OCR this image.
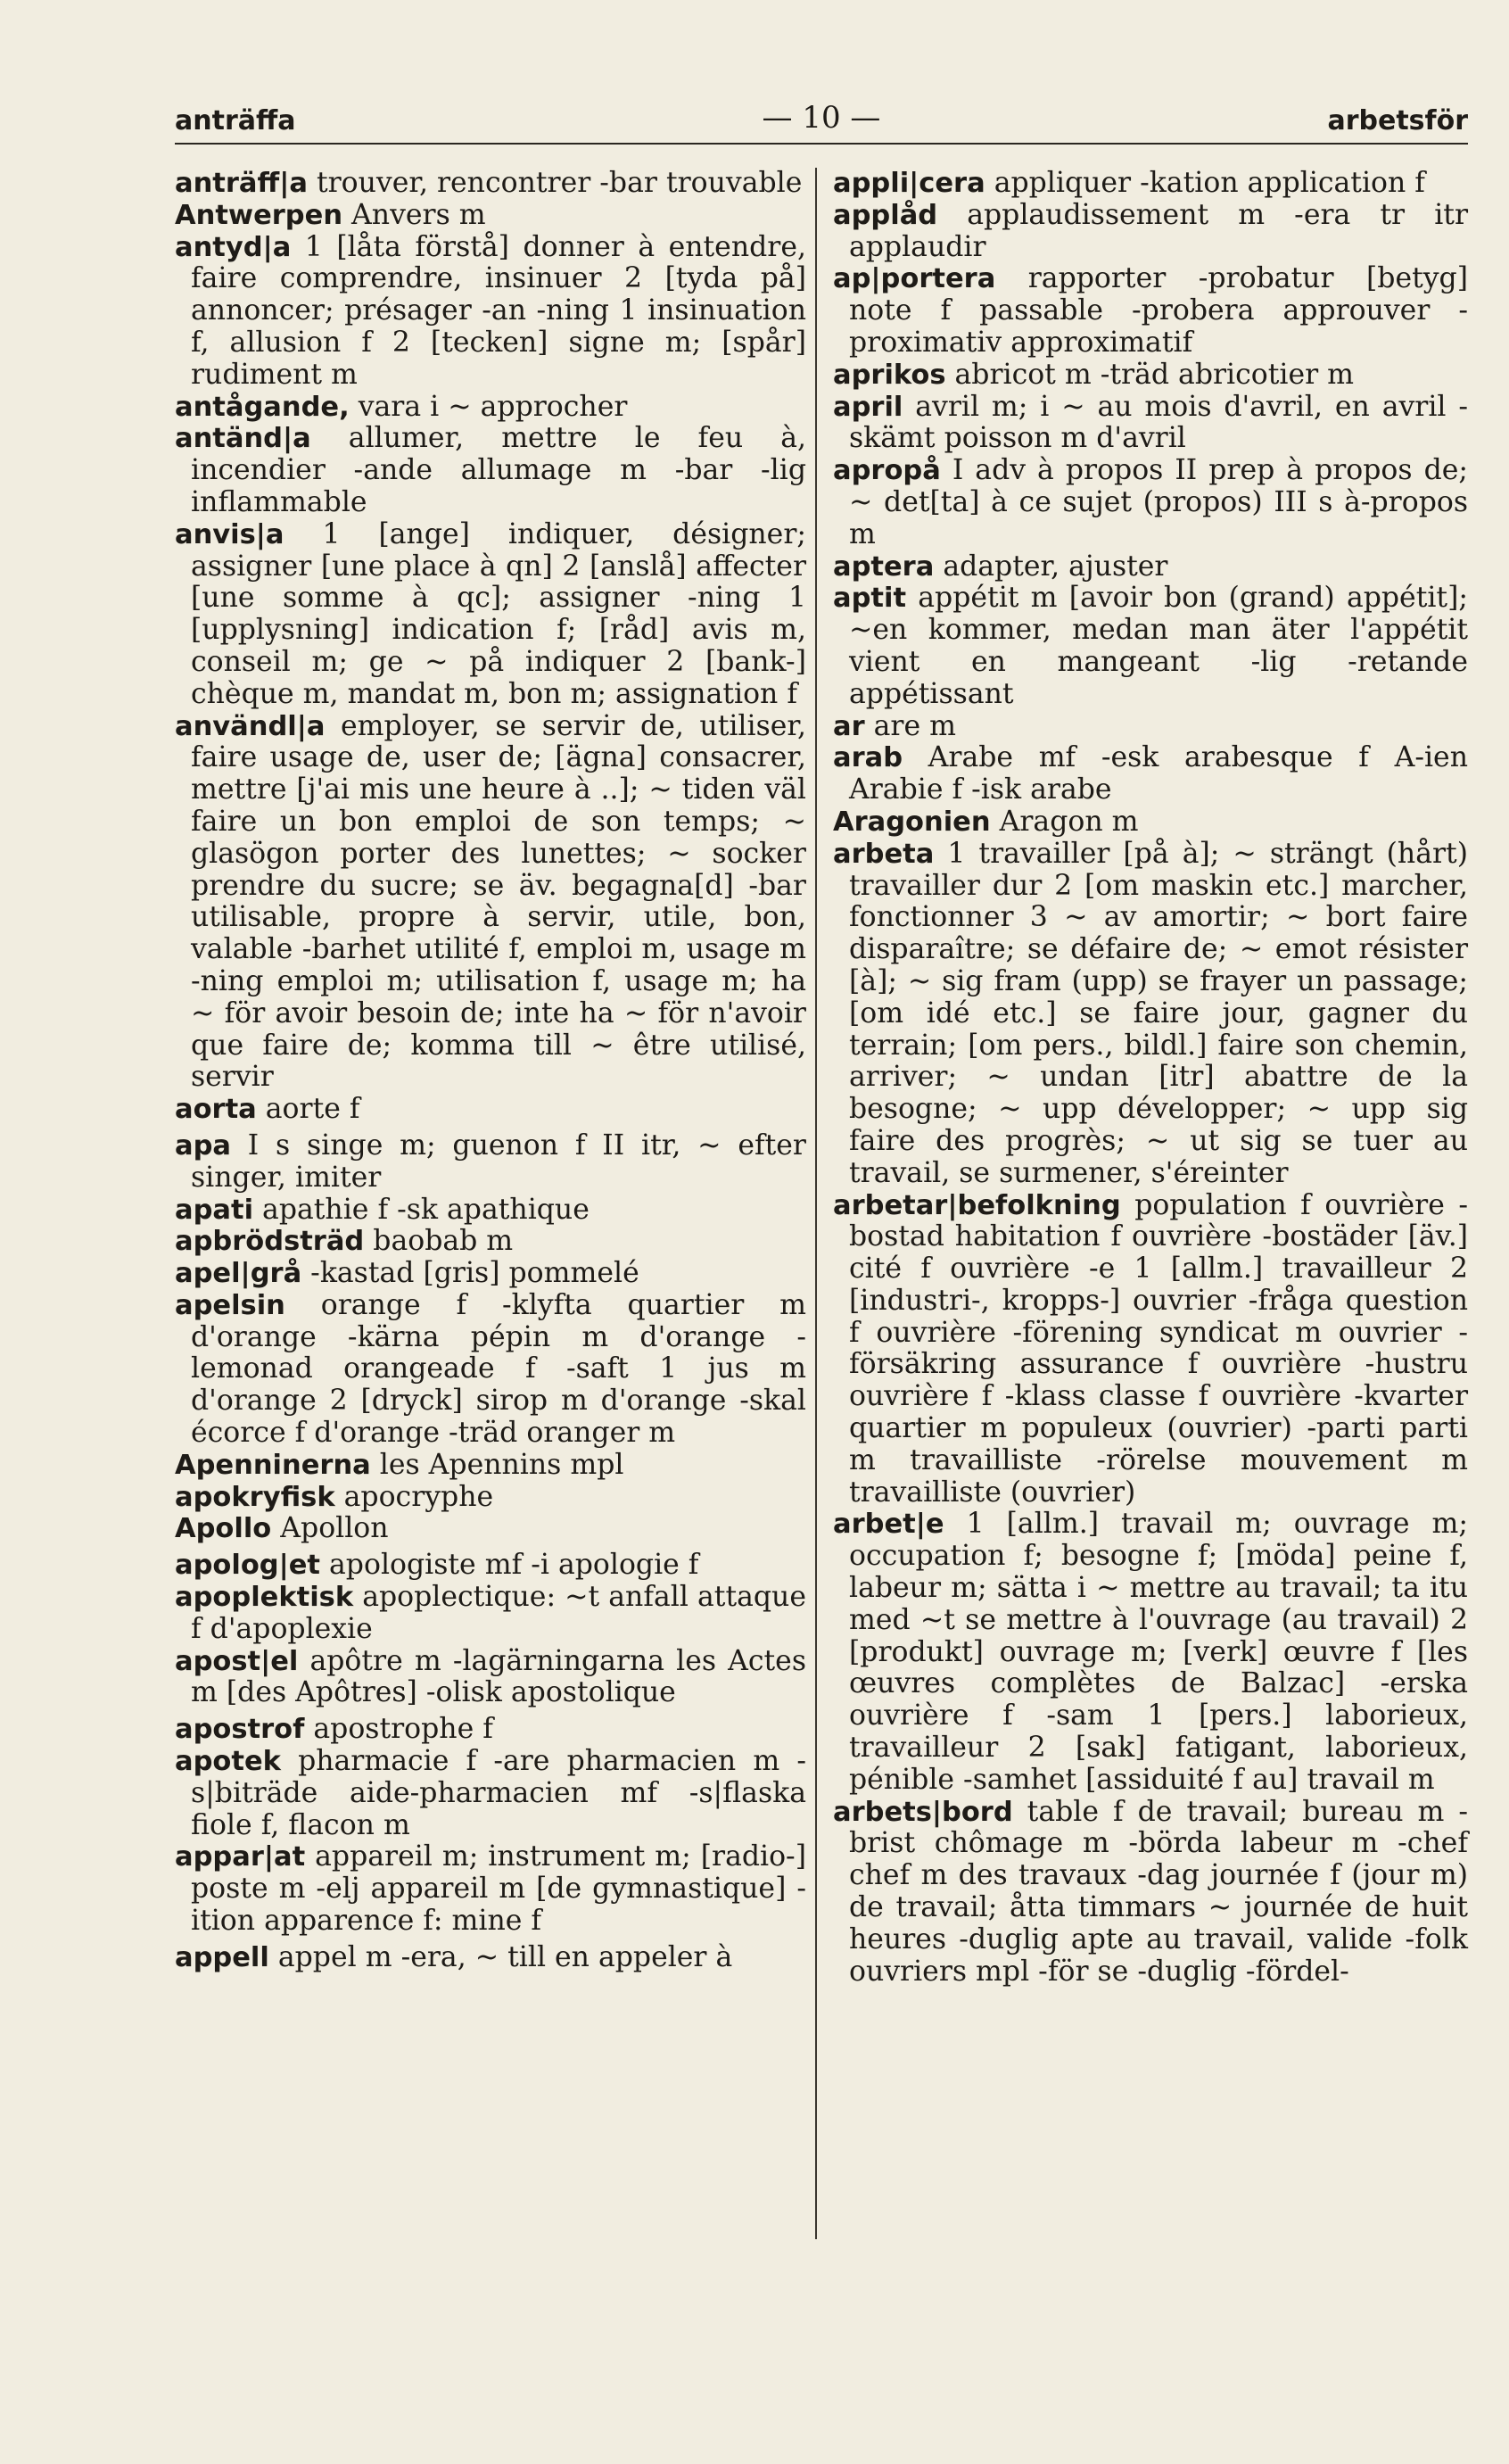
anträffa	— 10 —	arbetsför

anträff|a trouver, rencontrer -bar trouvable

Antwerpen Anvers m

antyd|a 1 [låta förstå] donner à entendre, faire comprendre, insinuer 2 [tyda på] annoncer; présager -an -ning 1 insinuation f, allusion f 2 [tecken] signe m; [spår] rudiment m

antågande, vara i ~ approcher

antänd|a allumer, mettre le feu à, incendier -ande allumage m -bar -lig inflammable

anvis|a 1 [ange] indiquer, désigner; assigner [une place à qn] 2 [anslå] affecter [une somme à qc]; assigner -ning 1 [upplysning] indication f; [råd] avis m, conseil m; ge ~ på indiquer 2 [bank-] chèque m, mandat m, bon m; assignation f

användl|a employer, se servir de, utiliser, faire usage de, user de; [ägna] consacrer, mettre [j'ai mis une heure à ..]; ~ tiden väl faire un bon emploi de son temps; ~ glasögon porter des lunettes; ~ socker prendre du sucre; se äv. begagna[d] -bar utilisable, propre à servir, utile, bon, valable -barhet utilité f, emploi m, usage m -ning emploi m; utilisation f, usage m; ha ~ för avoir besoin de; inte ha ~ för n'avoir que faire de; komma till ~ être utilisé, servir

aorta aorte f

apa I s singe m; guenon f II itr, ~ efter singer, imiter

apati apathie f -sk apathique

apbrödsträd baobab m

apel|grå -kastad [gris] pommelé

apelsin orange f -klyfta quartier m d'orange -kärna pépin m d'orange -lemonad orangeade f -saft 1 jus m d'orange 2 [dryck] sirop m d'orange -skal écorce f d'orange -träd oranger m

Apenninerna les Apennins mpl

apokryfisk apocryphe

Apollo Apollon

apolog|et apologiste mf -i apologie f

apoplektisk apoplectique: ~t anfall attaque f d'apoplexie

apost|el apôtre m -lagärningarna les Actes m [des Apôtres] -olisk apostolique

apostrof apostrophe f

apotek pharmacie f -are pharmacien m -s|biträde aide-pharmacien mf -s|flaska fiole f, flacon m

appar|at appareil m; instrument m; [radio-] poste m -elj appareil m [de gymnastique] -ition apparence f: mine f

appell appel m -era, ~ till en appeler à

appli|cera appliquer -kation application f

applåd applaudissement m -era tr itr applaudir

ap|portera rapporter -probatur [betyg] note f passable -probera approuver -proximativ approximatif

aprikos abricot m -träd abricotier m

april avril m; i ~ au mois d'avril, en avril -skämt poisson m d'avril

apropå I adv à propos II prep à propos de; ~ det[ta] à ce sujet (propos) III s à-propos m

aptera adapter, ajuster

aptit appétit m [avoir bon (grand) appétit]; ~en kommer, medan man äter l'appétit vient en mangeant -lig -retande appétissant

ar are m

arab Arabe mf -esk arabesque f A-ien Arabie f -isk arabe

Aragonien Aragon m

arbeta 1 travailler [på à]; ~ strängt (hårt) travailler dur 2 [om maskin etc.] marcher, fonctionner 3 ~ av amortir; ~ bort faire disparaître; se défaire de; ~ emot résister [à]; ~ sig fram (upp) se frayer un passage; [om idé etc.] se faire jour, gagner du terrain; [om pers., bildl.] faire son chemin, arriver; ~ undan [itr] abattre de la besogne; ~ upp développer; ~ upp sig faire des progrès; ~ ut sig se tuer au travail, se surmener, s'éreinter

arbetar|befolkning population f ouvrière -bostad habitation f ouvrière -bostäder [äv.] cité f ouvrière -e 1 [allm.] travailleur 2 [industri-, kropps-] ouvrier -fråga question f ouvrière -förening syndicat m ouvrier -försäkring assurance f ouvrière -hustru ouvrière f -klass classe f ouvrière -kvarter quartier m populeux (ouvrier) -parti parti m travailliste -rörelse mouvement m travailliste (ouvrier)

arbet|e 1 [allm.] travail m; ouvrage m; occupation f; besogne f; [möda] peine f, labeur m; sätta i ~ mettre au travail; ta itu med ~t se mettre à l'ouvrage (au travail) 2 [produkt] ouvrage m; [verk] œuvre f [les œuvres complètes de Balzac] -erska ouvrière f -sam 1 [pers.] laborieux, travailleur 2 [sak] fatigant, laborieux, pénible -samhet [assiduité f au] travail m

arbets|bord table f de travail; bureau m -brist chômage m -börda labeur m -chef chef m des travaux -dag journée f (jour m) de travail; åtta timmars ~ journée de huit heures -duglig apte au travail, valide -folk ouvriers mpl -för se -duglig -fördel-
